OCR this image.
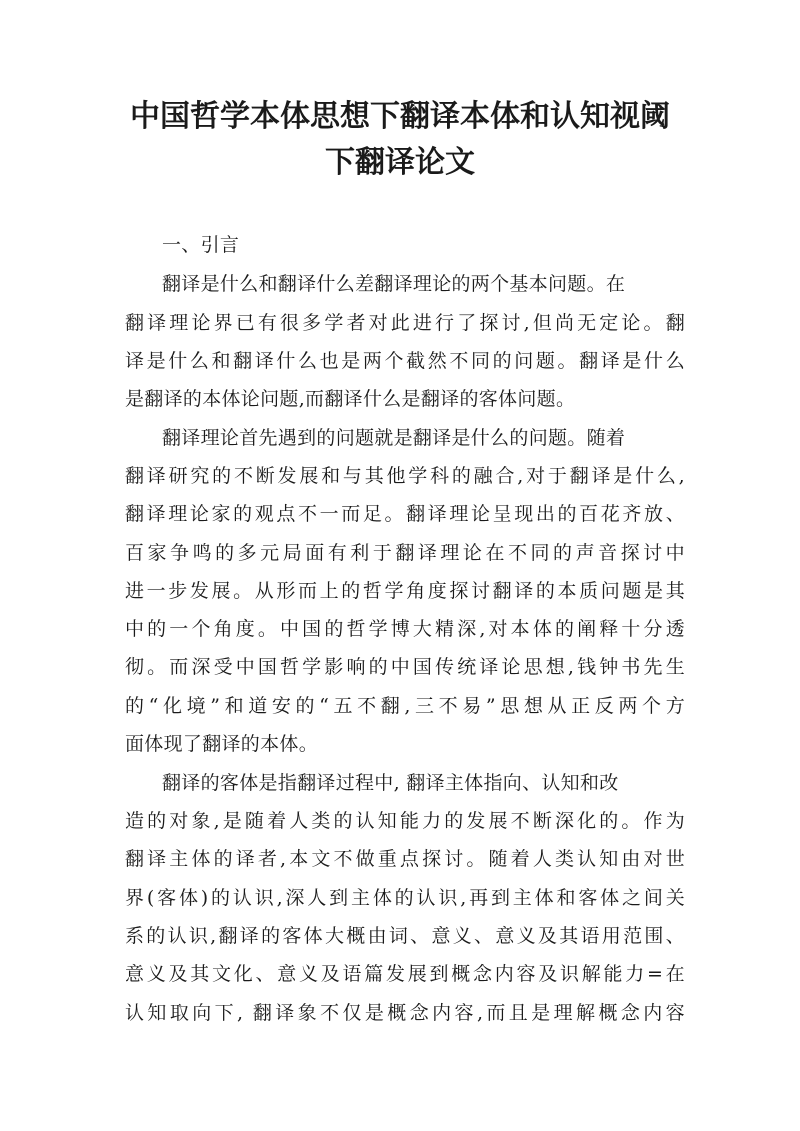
中国哲学本体思想下翻译本体和认知视阈
下翻译论文
一、引言
翻译是什么和翻译什么差翻译理论的两个基本问题。在
翻译理论界已有很多学者对此进行了探讨,但尚无定论。翻
译是什么和翻译什么也是两个截然不同的问题。翻译是什么
是翻译的本体论问题,而翻译什么是翻译的客体问题。
翻译理论首先遇到的问题就是翻译是什么的问题。随着
翻译研究的不断发展和与其他学科的融合,对于翻译是什么,
翻译理论家的观点不一而足。翻译理论呈现出的百花齐放、
百家争鸣的多元局面有利于翻译理论在不同的声音探讨中
进一步发展。从形而上的哲学角度探讨翻译的本质问题是其
中的一个角度。中国的哲学博大精深,对本体的阐释十分透
彻。而深受中国哲学影响的中国传统译论思想,钱钟书先生
的“化境”和道安的“五不翻,三不易”思想从正反两个方
面体现了翻译的本体。
翻译的客体是指翻译过程中, 翻译主体指向、认知和改
造的对象,是随着人类的认知能力的发展不断深化的。作为
翻译主体的译者,本文不做重点探讨。随着人类认知由对世
界(客体)的认识,深人到主体的认识,再到主体和客体之间关
系的认识,翻译的客体大概由词、意义、意义及其语用范围、
意义及其文化、意义及语篇发展到概念内容及识解能力=在
认知取向下, 翻译象不仅是概念内容,而且是理解概念内容
